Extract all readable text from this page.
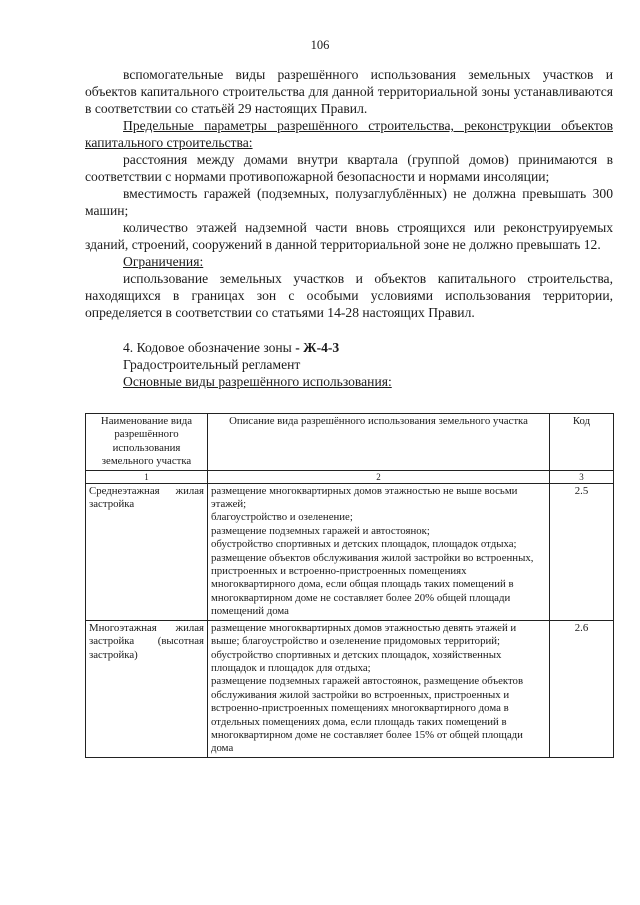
106

вспомогательные виды разрешённого использования земельных участков и объектов капитального строительства для данной территориальной зоны устанавливаются в соответствии со статьёй 29 настоящих Правил.

Предельные параметры разрешённого строительства, реконструкции объектов капитального строительства:

расстояния между домами внутри квартала (группой домов) принимаются в соответствии с нормами противопожарной безопасности и нормами инсоляции;

вместимость гаражей (подземных, полузаглублённых) не должна превышать 300 машин;

количество этажей надземной части вновь строящихся или реконструируемых зданий, строений, сооружений в данной территориальной зоне не должно превышать 12.

Ограничения:

использование земельных участков и объектов капитального строительства, находящихся в границах зон с особыми условиями использования территории, определяется в соответствии со статьями 14-28 настоящих Правил.

4. Кодовое обозначение зоны - Ж-4-3

Градостроительный регламент

Основные виды разрешённого использования:

Наименование вида разрешённого использования земельного участка	Описание вида разрешённого использования земельного участка	Код
1	2	3
Среднеэтажная жилая застройка	размещение многоквартирных домов этажностью не выше восьми этажей;
благоустройство и озеленение;
размещение подземных гаражей и автостоянок;
обустройство спортивных и детских площадок, площадок отдыха;
размещение объектов обслуживания жилой застройки во встроенных, пристроенных и встроенно-пристроенных помещениях многоквартирного дома, если общая площадь таких помещений в многоквартирном доме не составляет более 20% общей площади помещений дома	2.5
Многоэтажная жилая застройка (высотная застройка)	размещение многоквартирных домов этажностью девять этажей и выше; благоустройство и озеленение придомовых территорий;
обустройство спортивных и детских площадок, хозяйственных площадок и площадок для отдыха;
размещение подземных гаражей автостоянок, размещение объектов обслуживания жилой застройки во встроенных, пристроенных и встроенно-пристроенных помещениях многоквартирного дома в отдельных помещениях дома, если площадь таких помещений в многоквартирном доме не составляет более 15% от общей площади дома	2.6
